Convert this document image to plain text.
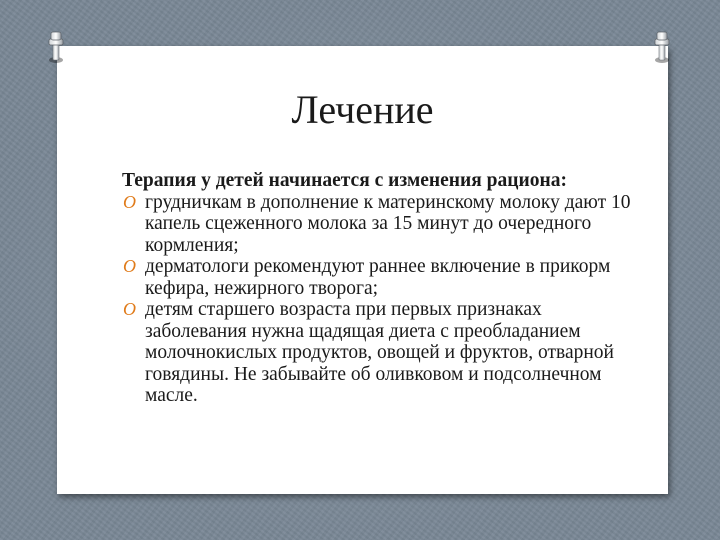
Лечение

Терапия у детей начинается с изменения рациона:

O грудничкам в дополнение к материнскому молоку дают 10 капель сцеженного молока за 15 минут до очередного кормления;
O дерматологи рекомендуют раннее включение в прикорм кефира, нежирного творога;
O детям старшего возраста при первых признаках заболевания нужна щадящая диета с преобладанием молочнокислых продуктов, овощей и фруктов, отварной говядины. Не забывайте об оливковом и подсолнечном масле.
